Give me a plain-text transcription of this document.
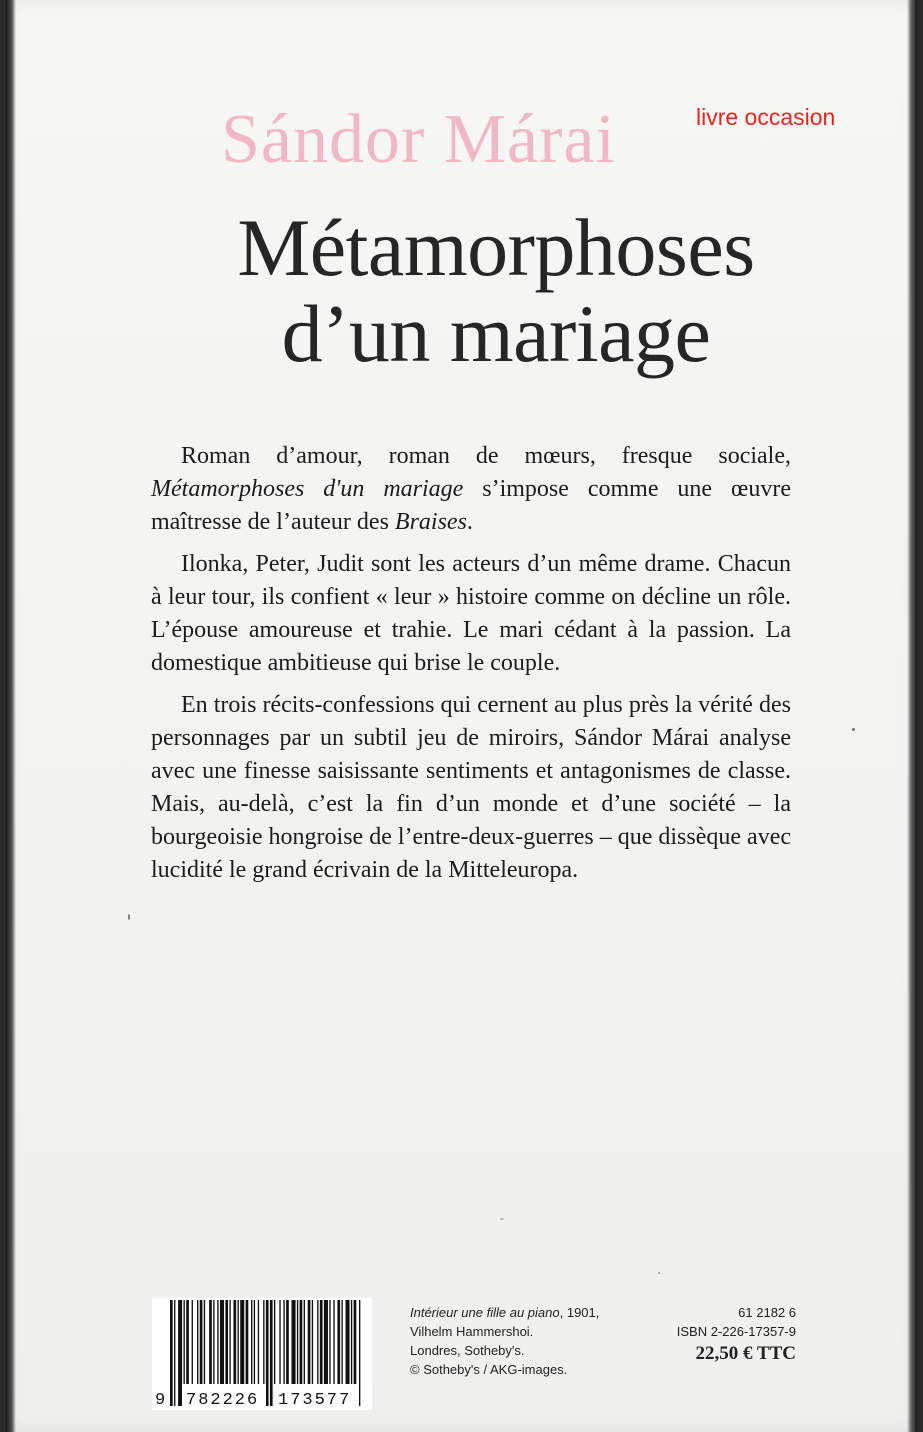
Sándor Márai	livre occasion
Métamorphoses
d’un mariage

Roman d’amour, roman de mœurs, fresque sociale, Métamorphoses d'un mariage s’impose comme une œuvre maîtresse de l’auteur des Braises.

Ilonka, Peter, Judit sont les acteurs d’un même drame. Chacun à leur tour, ils confient « leur » histoire comme on décline un rôle. L’épouse amoureuse et trahie. Le mari cédant à la passion. La domestique ambitieuse qui brise le couple.

En trois récits-confessions qui cernent au plus près la vérité des personnages par un subtil jeu de miroirs, Sándor Márai analyse avec une finesse saisissante sentiments et antagonismes de classe. Mais, au-delà, c’est la fin d’un monde et d’une société – la bourgeoisie hongroise de l’entre-deux-guerres – que dissèque avec lucidité le grand écrivain de la Mitteleuropa.

9 782226 173577
Intérieur une fille au piano, 1901,
Vilhelm Hammershoi.
Londres, Sotheby's.
© Sotheby's / AKG-images.
61 2182 6
ISBN 2-226-17357-9
22,50 € TTC
